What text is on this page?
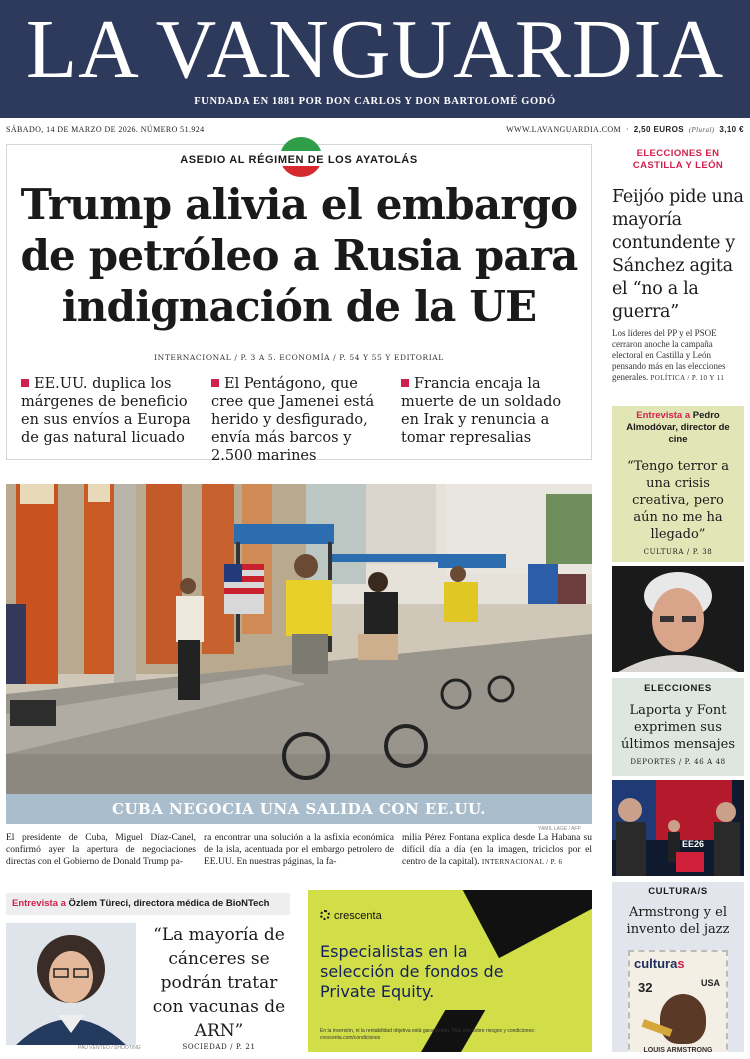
LA VANGUARDIA
FUNDADA EN 1881 POR DON CARLOS Y DON BARTOLOMÉ GODÓ
SÁBADO, 14 DE MARZO DE 2026. NÚMERO 51.924	WWW.LAVANGUARDIA.COM  ·  2,50 EUROS (Plural) 3,10 €
ASEDIO AL RÉGIMEN DE LOS AYATOLÁS
Trump alivia el embargo de petróleo a Rusia para indignación de la UE
INTERNACIONAL / P. 3 A 5. ECONOMÍA / P. 54 Y 55 Y EDITORIAL
EE.UU. duplica los márgenes de beneficio en sus envíos a Europa de gas natural licuado
El Pentágono, que cree que Jamenei está herido y desfigurado, envía más barcos y 2.500 marines
Francia encaja la muerte de un soldado en Irak y renuncia a tomar represalias
CUBA NEGOCIA UNA SALIDA CON EE.UU.
YAMIL LAGE / AFP

El presidente de Cuba, Miguel Díaz-Canel, confirmó ayer la apertura de negociaciones directas con el Gobierno de Donald Trump pa-

ra encontrar una solución a la asfixia económica de la isla, acentuada por el embargo petrolero de EE.UU. En nuestras páginas, la fa-

milia Pérez Fontana explica desde La Habana su difícil día a día (en la imagen, triciclos por el centro de la capital). INTERNACIONAL / P. 6

Entrevista a Özlem Türeci, directora médica de BioNTech
“La mayoría de cánceres se podrán tratar con vacunas de ARN”
SOCIEDAD / P. 21
PAU VENTEO / SHOOTING
crescenta
Especialistas en la selección de fondos de Private Equity.
En la inversión, ni la rentabilidad objetiva está garantizada. Más info sobre riesgos y condiciones: crescenta.com/condiciones
ELECCIONES EN CASTILLA Y LEÓN
Feijóo pide una mayoría contundente y Sánchez agita el “no a la guerra”
Los líderes del PP y el PSOE cerraron anoche la campaña electoral en Castilla y León pensando más en las elecciones generales. POLÍTICA / P. 10 Y 11
Entrevista a Pedro Almodóvar, director de cine
“Tengo terror a una crisis creativa, pero aún no me ha llegado”
CULTURA / P. 38
ELECCIONES
Laporta y Font exprimen sus últimos mensajes
DEPORTES / P. 46 A 48
EE26
CULTURA/S
Armstrong y el invento del jazz
culturas
32	USA
LOUIS ARMSTRONG
